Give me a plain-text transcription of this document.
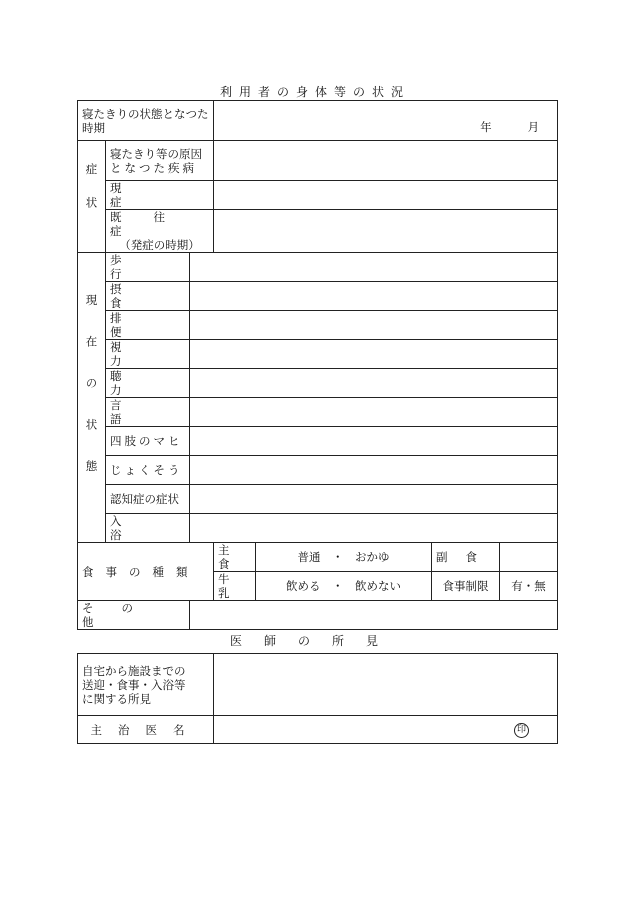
利用者の身体等の状況
寝たきりの状態となつた時期			年 月			

症状	寝たきり等の原因
となつた疾病					

	現症					

	既往症
（発症の時期）					

現在の状態	歩行					
	摂食					
	排便					
	視力					
	聴力					
	言語					
	四肢のマヒ					
	じょくそう					
	認知症の症状					
	入浴					
食事の種類			主食	普通　・　おかゆ	副食	
			牛乳	飲める　・　飲めない	食事制限	有・無
その他						
医師の所見
自宅から施設までの
送迎・食事・入浴等
に関する所見	

主治医名	印
